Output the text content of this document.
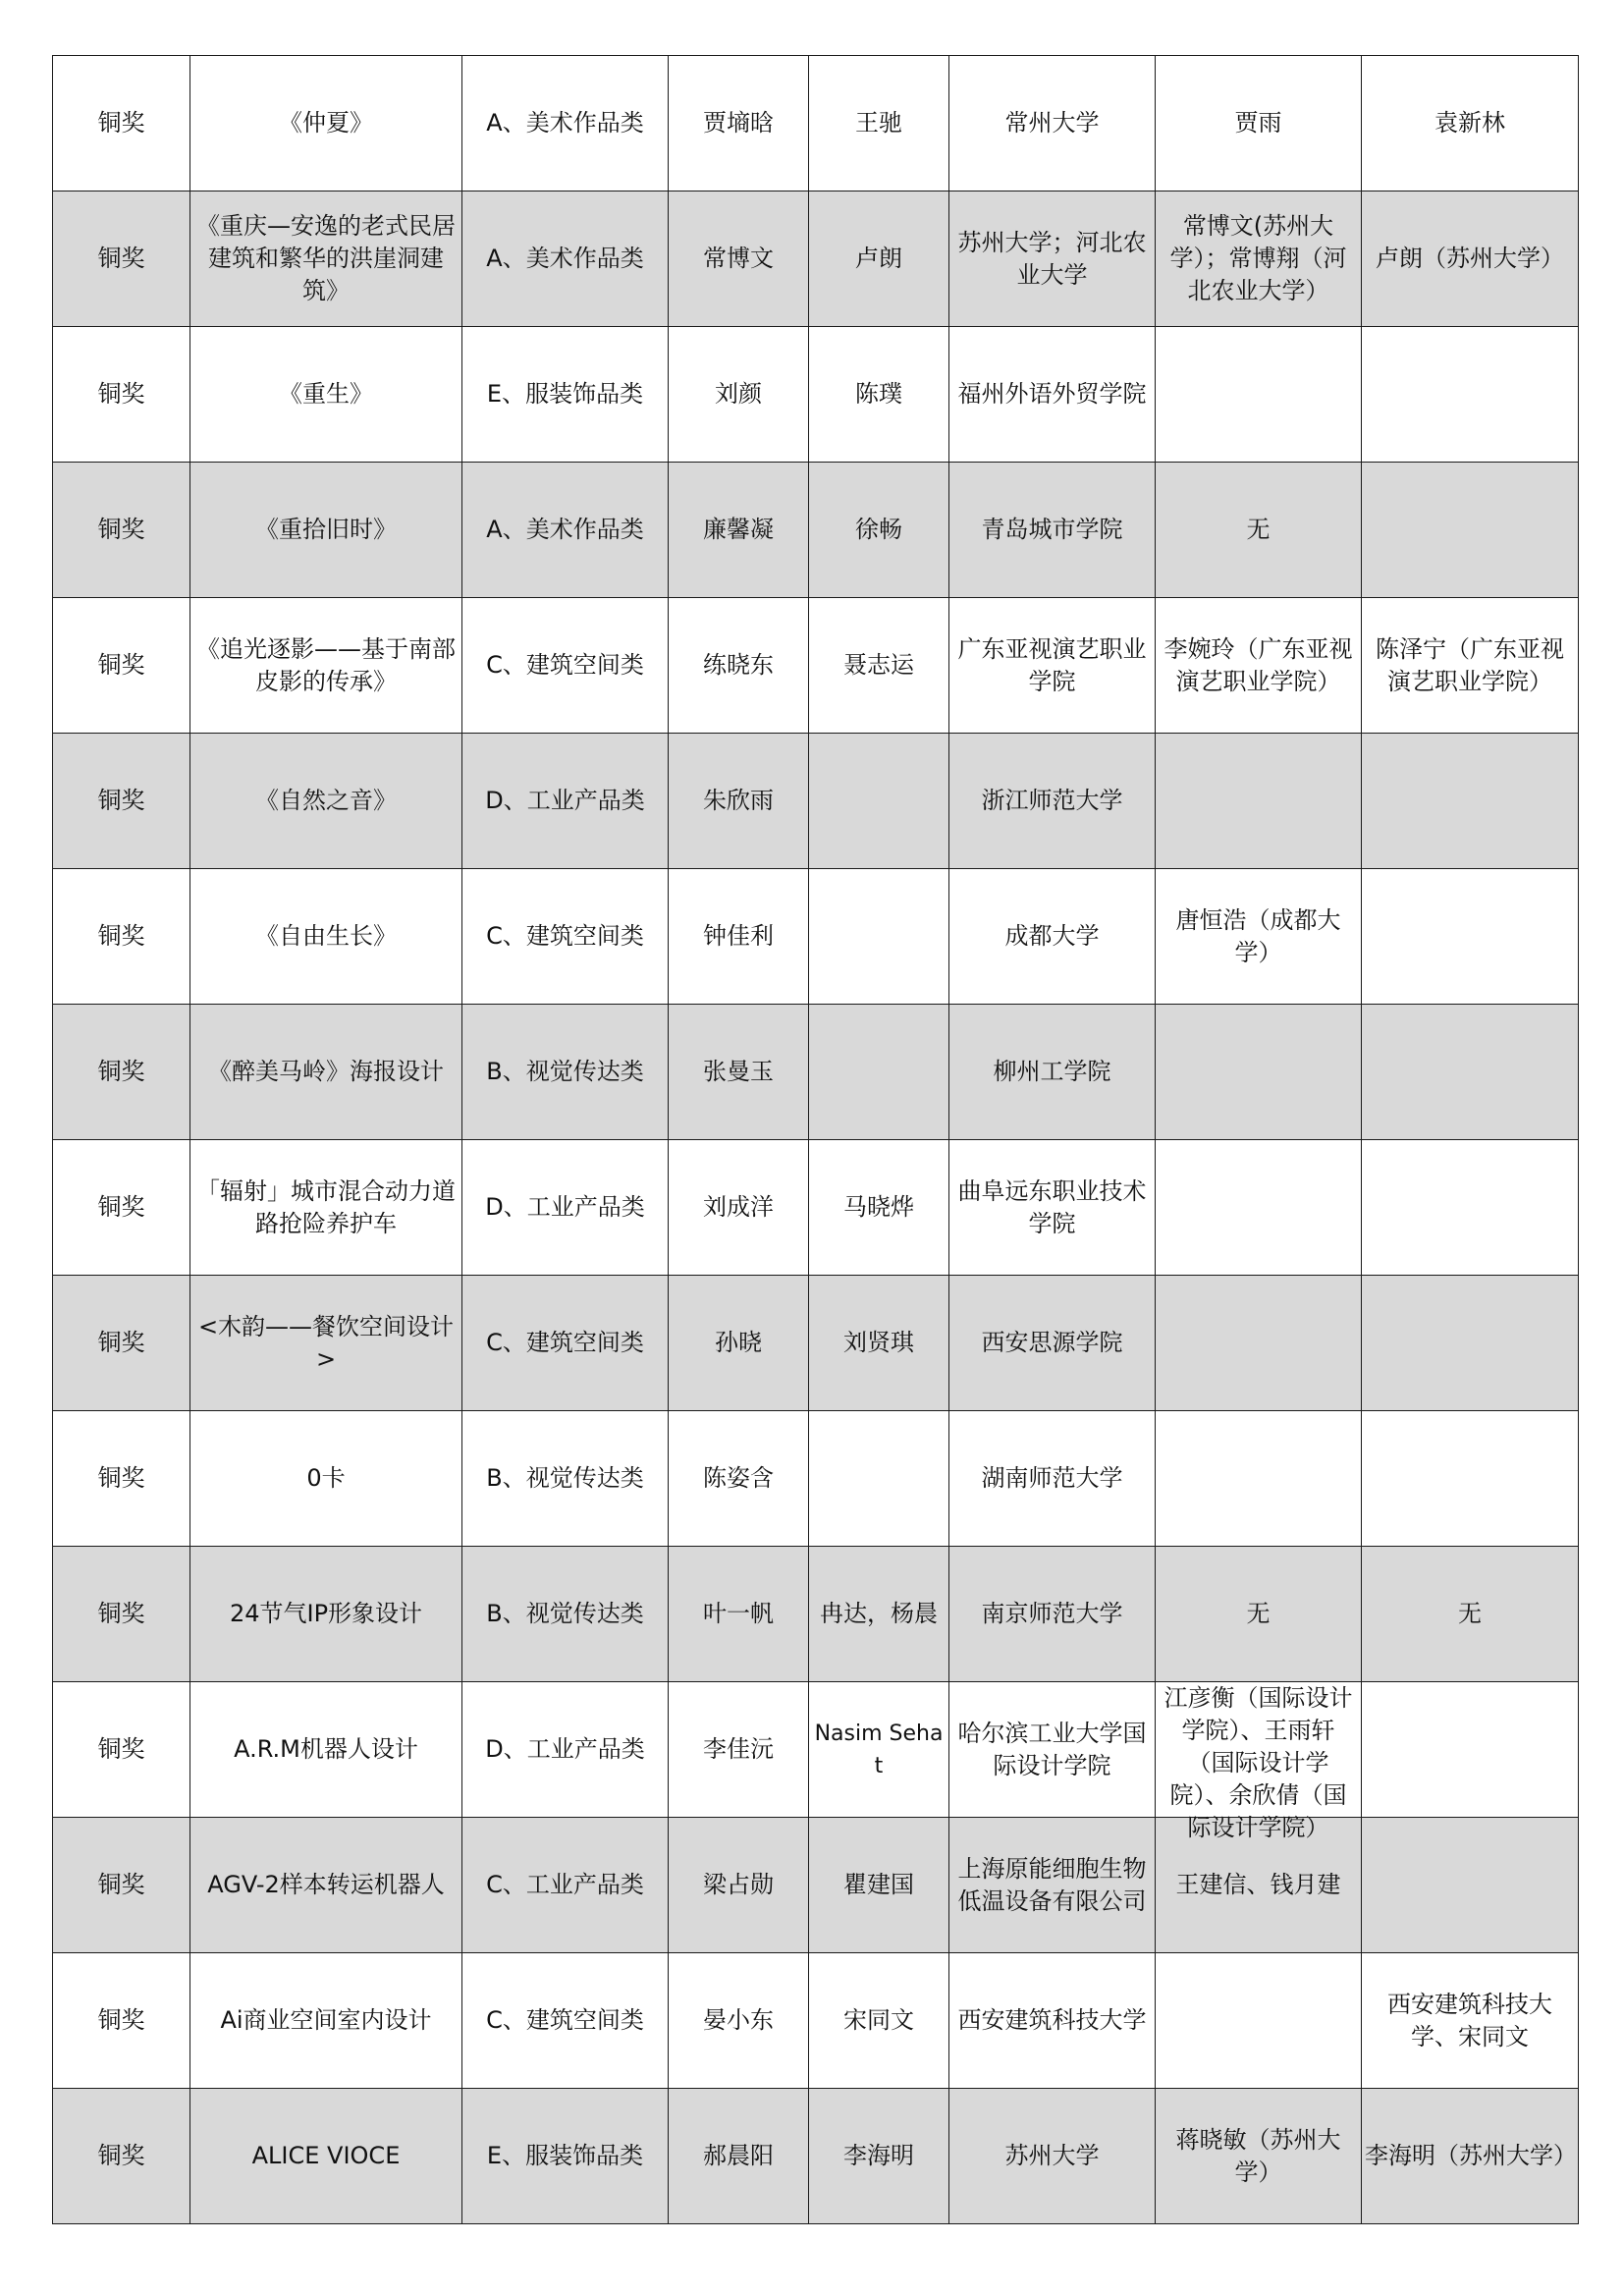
铜奖	《仲夏》	A、美术作品类	贾墒晗	王驰	常州大学	贾雨	袁新林
铜奖	《重庆—安逸的老式民居建筑和繁华的洪崖洞建筑》	A、美术作品类	常博文	卢朗	苏州大学；河北农业大学	常博文(苏州大学）；常博翔（河北农业大学）	卢朗（苏州大学）
铜奖	《重生》	E、服装饰品类	刘颜	陈璞	福州外语外贸学院		
铜奖	《重拾旧时》	A、美术作品类	廉馨凝	徐畅	青岛城市学院	无	
铜奖	《追光逐影——基于南部皮影的传承》	C、建筑空间类	练晓东	聂志运	广东亚视演艺职业学院	李婉玲（广东亚视演艺职业学院）	陈泽宁（广东亚视演艺职业学院）
铜奖	《自然之音》	D、工业产品类	朱欣雨		浙江师范大学		
铜奖	《自由生长》	C、建筑空间类	钟佳利		成都大学	唐恒浩（成都大学）	
铜奖	《醉美马岭》海报设计	B、视觉传达类	张曼玉		柳州工学院		
铜奖	「辐射」城市混合动力道路抢险养护车	D、工业产品类	刘成洋	马晓烨	曲阜远东职业技术学院		
铜奖	<木韵——餐饮空间设计>	C、建筑空间类	孙晓	刘贤琪	西安思源学院		
铜奖	0卡	B、视觉传达类	陈姿含		湖南师范大学		
铜奖	24节气IP形象设计	B、视觉传达类	叶一帆	冉达，杨晨	南京师范大学	无	无
铜奖	A.R.M机器人设计	D、工业产品类	李佳沅	Nasim Sehat	哈尔滨工业大学国际设计学院	江彦衡（国际设计学院）、王雨轩（国际设计学院）、余欣倩（国际设计学院）	

铜奖	AGV-2样本转运机器人	C、工业产品类	梁占勋	瞿建国	上海原能细胞生物低温设备有限公司	王建信、钱月建	
铜奖	Ai商业空间室内设计	C、建筑空间类	晏小东	宋同文	西安建筑科技大学		西安建筑科技大学、宋同文
铜奖	ALICE VIOCE	E、服装饰品类	郝晨阳	李海明	苏州大学	蒋晓敏（苏州大学）	李海明（苏州大学）
